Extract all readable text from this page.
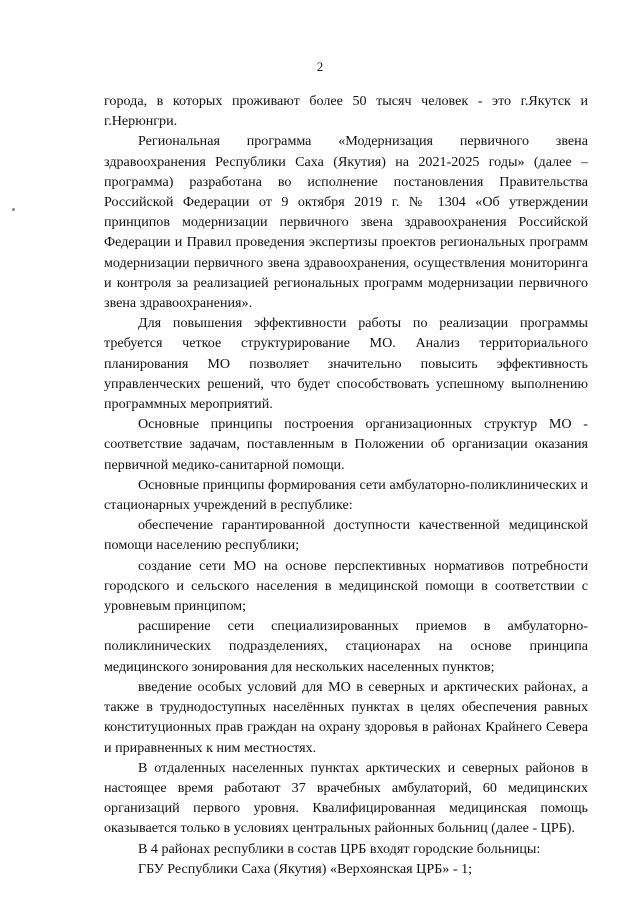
2

города, в которых проживают более 50 тысяч человек - это г.Якутск и г.Нерюнгри.

Региональная программа «Модернизация первичного звена здравоохранения Республики Саха (Якутия) на 2021-2025 годы» (далее – программа) разработана во исполнение постановления Правительства Российской Федерации от 9 октября 2019 г. № 1304 «Об утверждении принципов модернизации первичного звена здравоохранения Российской Федерации и Правил проведения экспертизы проектов региональных программ модернизации первичного звена здравоохранения, осуществления мониторинга и контроля за реализацией региональных программ модернизации первичного звена здравоохранения».

Для повышения эффективности работы по реализации программы требуется четкое структурирование МО. Анализ территориального планирования МО позволяет значительно повысить эффективность управленческих решений, что будет способствовать успешному выполнению программных мероприятий.

Основные принципы построения организационных структур МО - соответствие задачам, поставленным в Положении об организации оказания первичной медико-санитарной помощи.

Основные принципы формирования сети амбулаторно-поликлинических и стационарных учреждений в республике:

обеспечение гарантированной доступности качественной медицинской помощи населению республики;

создание сети МО на основе перспективных нормативов потребности городского и сельского населения в медицинской помощи в соответствии с уровневым принципом;

расширение сети специализированных приемов в амбулаторно-поликлинических подразделениях, стационарах на основе принципа медицинского зонирования для нескольких населенных пунктов;

введение особых условий для МО в северных и арктических районах, а также в труднодоступных населённых пунктах в целях обеспечения равных конституционных прав граждан на охрану здоровья в районах Крайнего Севера и приравненных к ним местностях.

В отдаленных населенных пунктах арктических и северных районов в настоящее время работают 37 врачебных амбулаторий, 60 медицинских организаций первого уровня. Квалифицированная медицинская помощь оказывается только в условиях центральных районных больниц (далее - ЦРБ).

В 4 районах республики в состав ЦРБ входят городские больницы:

ГБУ Республики Саха (Якутия) «Верхоянская ЦРБ» - 1;
